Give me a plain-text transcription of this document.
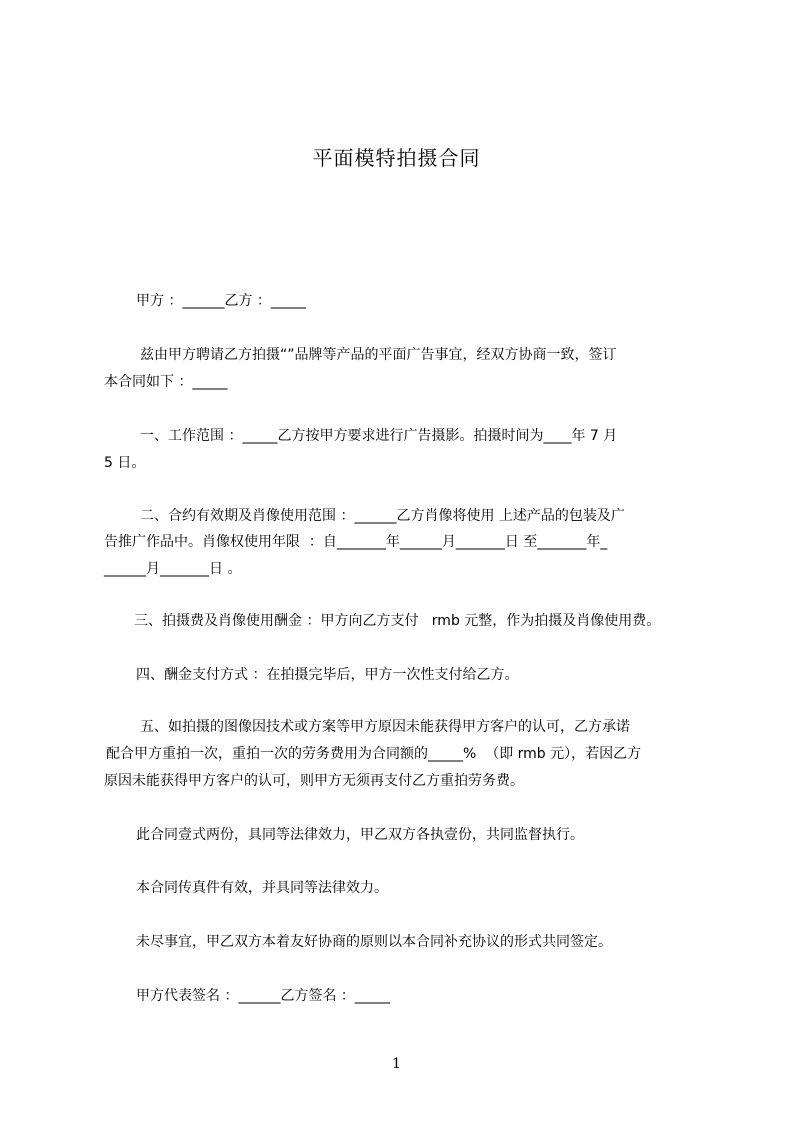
平面模特拍摄合同
甲方 ：______乙方 ：_____
兹由甲方聘请乙方拍摄“”品牌等产品的平面广告事宜，经双方协商一致，签订
本合同如下 ：_____
一、工作范围 ：_____乙方按甲方要求进行广告摄影。拍摄时间为____年 7 月
5 日。
二、合约有效期及肖像使用范围 ：______乙方肖像将使用 上述产品的包装及广
告推广作品中。肖像权使用年限  ：自_______年______月_______日 至_______年_
______月_______日 。
三、拍摄费及肖像使用酬金 ：甲方向乙方支付   rmb 元整，作为拍摄及肖像使用费。
四、酬金支付方式 ：在拍摄完毕后，甲方一次性支付给乙方。
五、如拍摄的图像因技术或方案等甲方原因未能获得甲方客户的认可，乙方承诺
配合甲方重拍一次，重拍一次的劳务费用为合同额的_____%  （即 rmb 元），若因乙方
原因未能获得甲方客户的认可，则甲方无须再支付乙方重拍劳务费。
此合同壹式两份，具同等法律效力，甲乙双方各执壹份，共同监督执行。
本合同传真件有效，并具同等法律效力。
未尽事宜，甲乙双方本着友好协商的原则以本合同补充协议的形式共同签定。
甲方代表签名 ：______乙方签名 ：_____
1
